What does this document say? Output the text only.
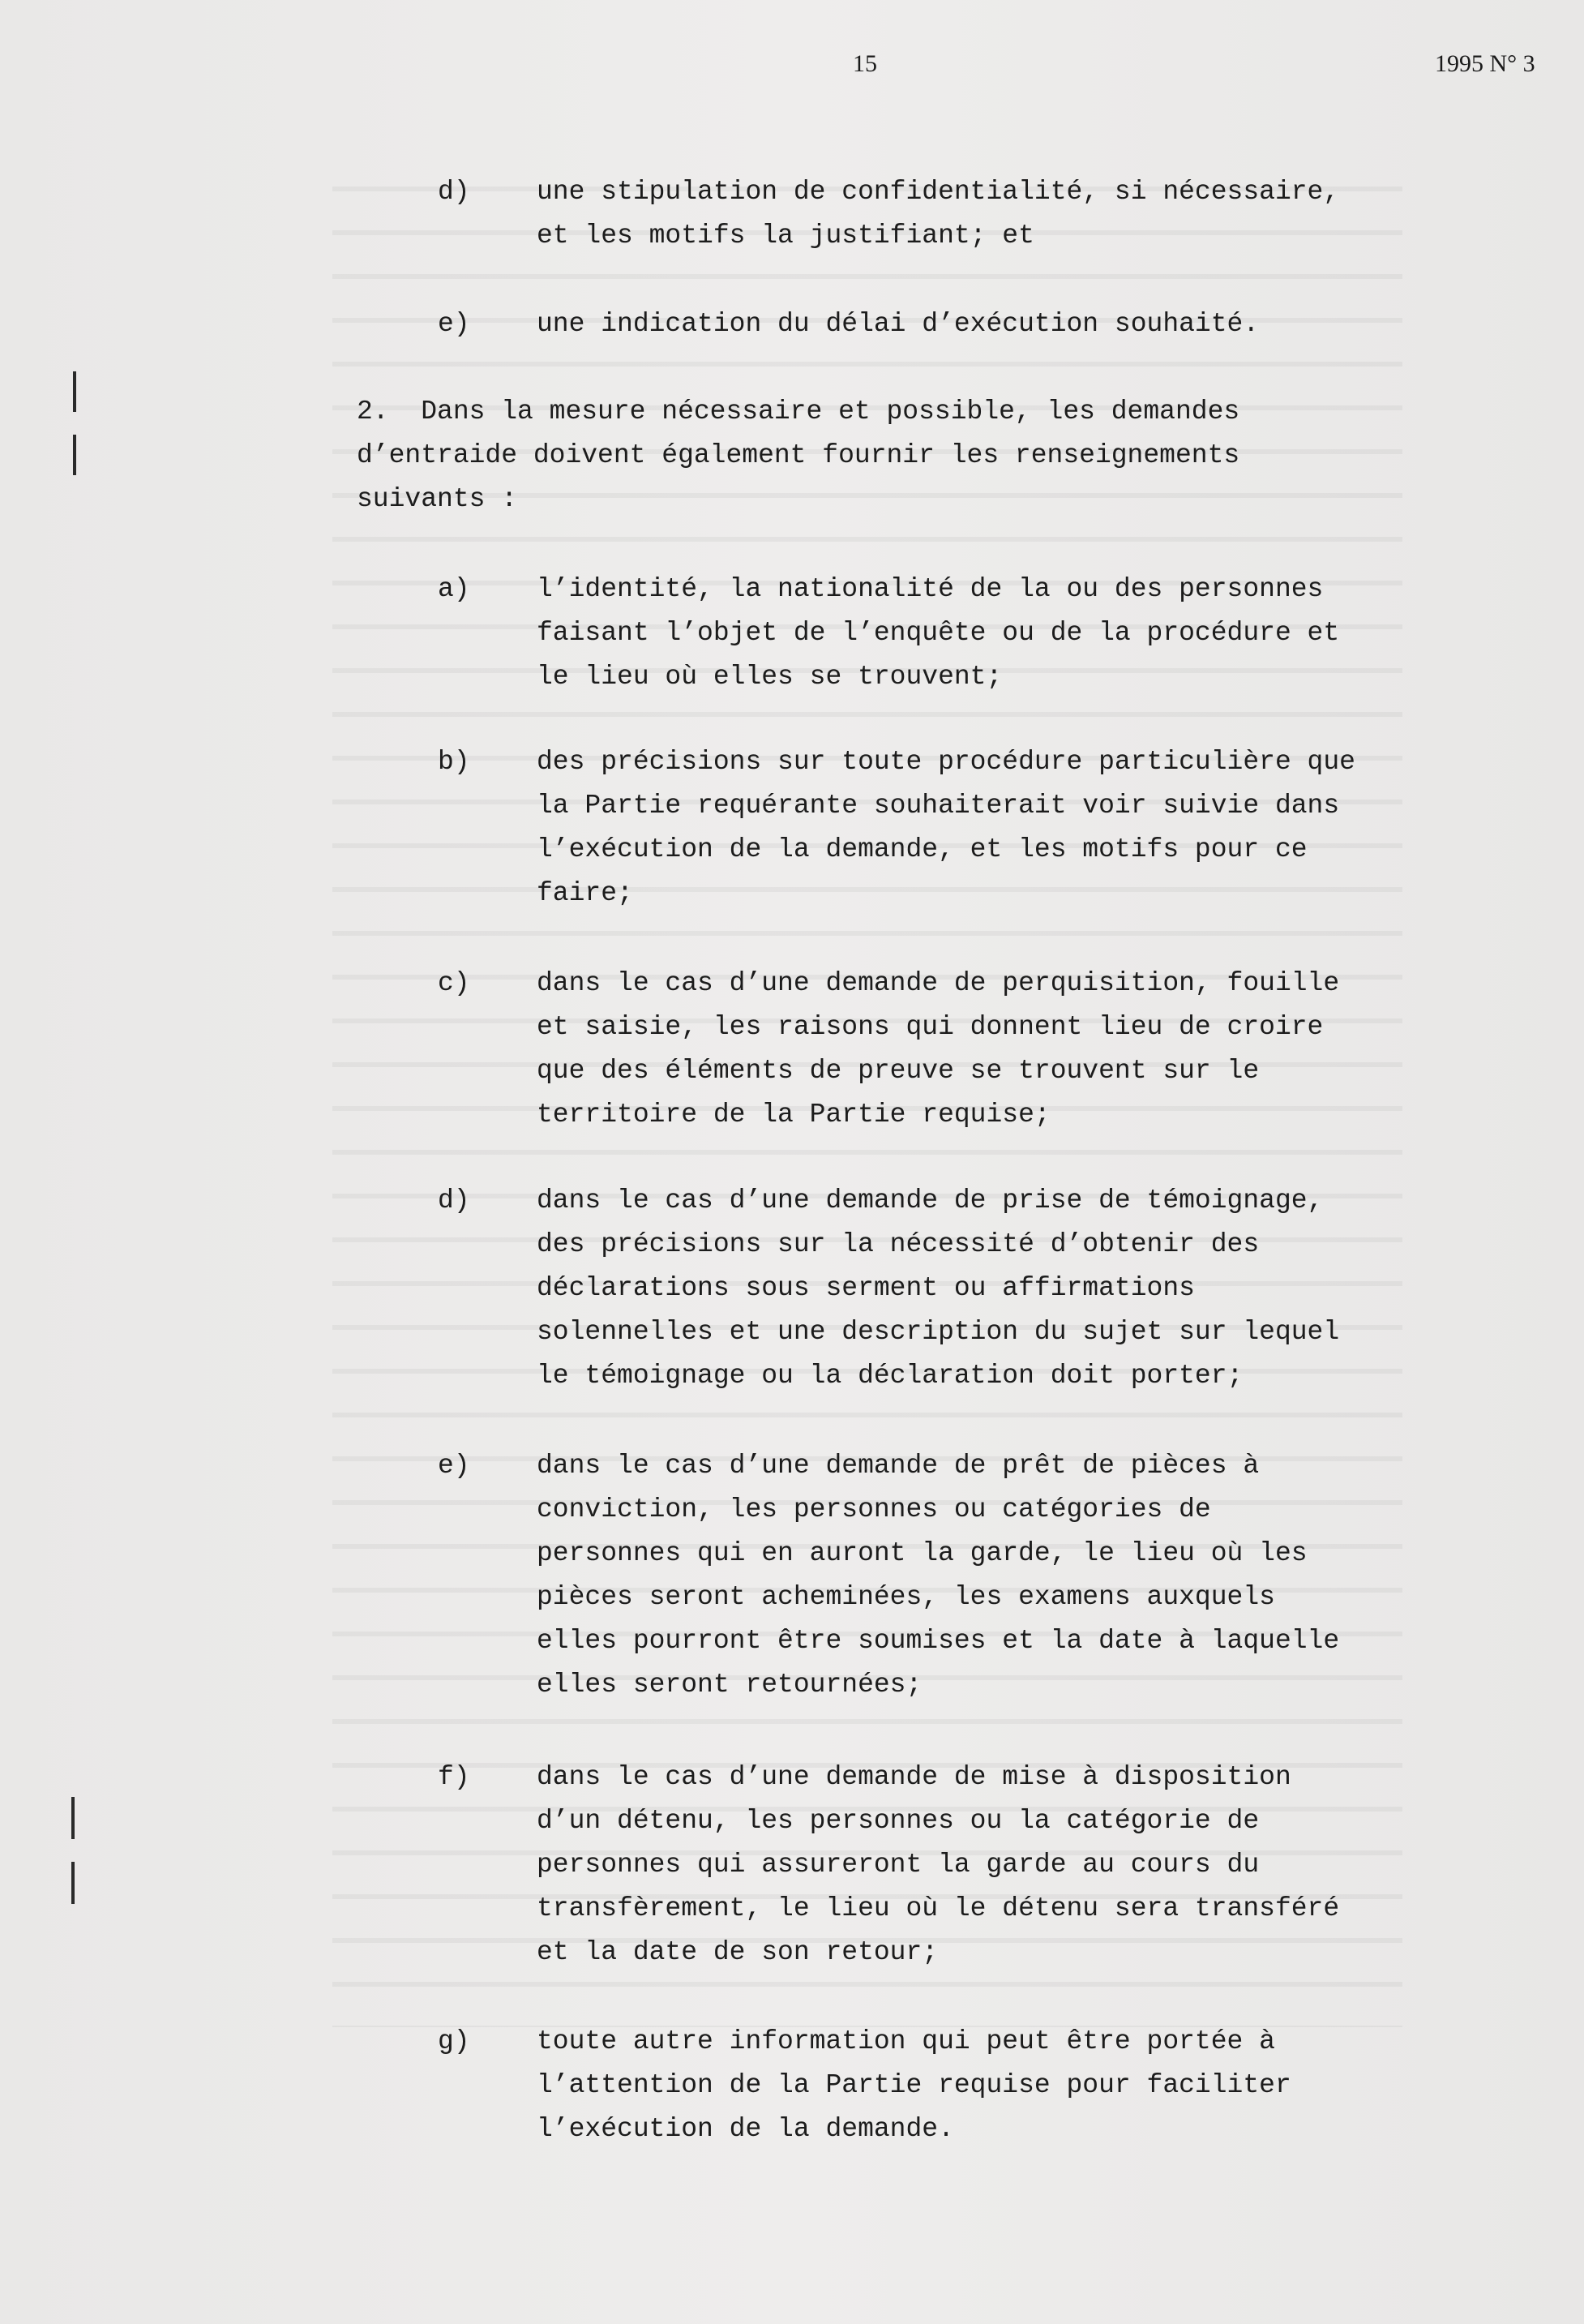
15	1995 N° 3
d) une stipulation de confidentialité, si nécessaire,
et les motifs la justifiant; et
e) une indication du délai d’exécution souhaité.
2.  Dans la mesure nécessaire et possible, les demandes
d’entraide doivent également fournir les renseignements
suivants :
a) l’identité, la nationalité de la ou des personnes
faisant l’objet de l’enquête ou de la procédure et
le lieu où elles se trouvent;
b) des précisions sur toute procédure particulière que
la Partie requérante souhaiterait voir suivie dans
l’exécution de la demande, et les motifs pour ce
faire;
c) dans le cas d’une demande de perquisition, fouille
et saisie, les raisons qui donnent lieu de croire
que des éléments de preuve se trouvent sur le
territoire de la Partie requise;
d) dans le cas d’une demande de prise de témoignage,
des précisions sur la nécessité d’obtenir des
déclarations sous serment ou affirmations
solennelles et une description du sujet sur lequel
le témoignage ou la déclaration doit porter;
e) dans le cas d’une demande de prêt de pièces à
conviction, les personnes ou catégories de
personnes qui en auront la garde, le lieu où les
pièces seront acheminées, les examens auxquels
elles pourront être soumises et la date à laquelle
elles seront retournées;
f) dans le cas d’une demande de mise à disposition
d’un détenu, les personnes ou la catégorie de
personnes qui assureront la garde au cours du
transfèrement, le lieu où le détenu sera transféré
et la date de son retour;
g) toute autre information qui peut être portée à
l’attention de la Partie requise pour faciliter
l’exécution de la demande.
